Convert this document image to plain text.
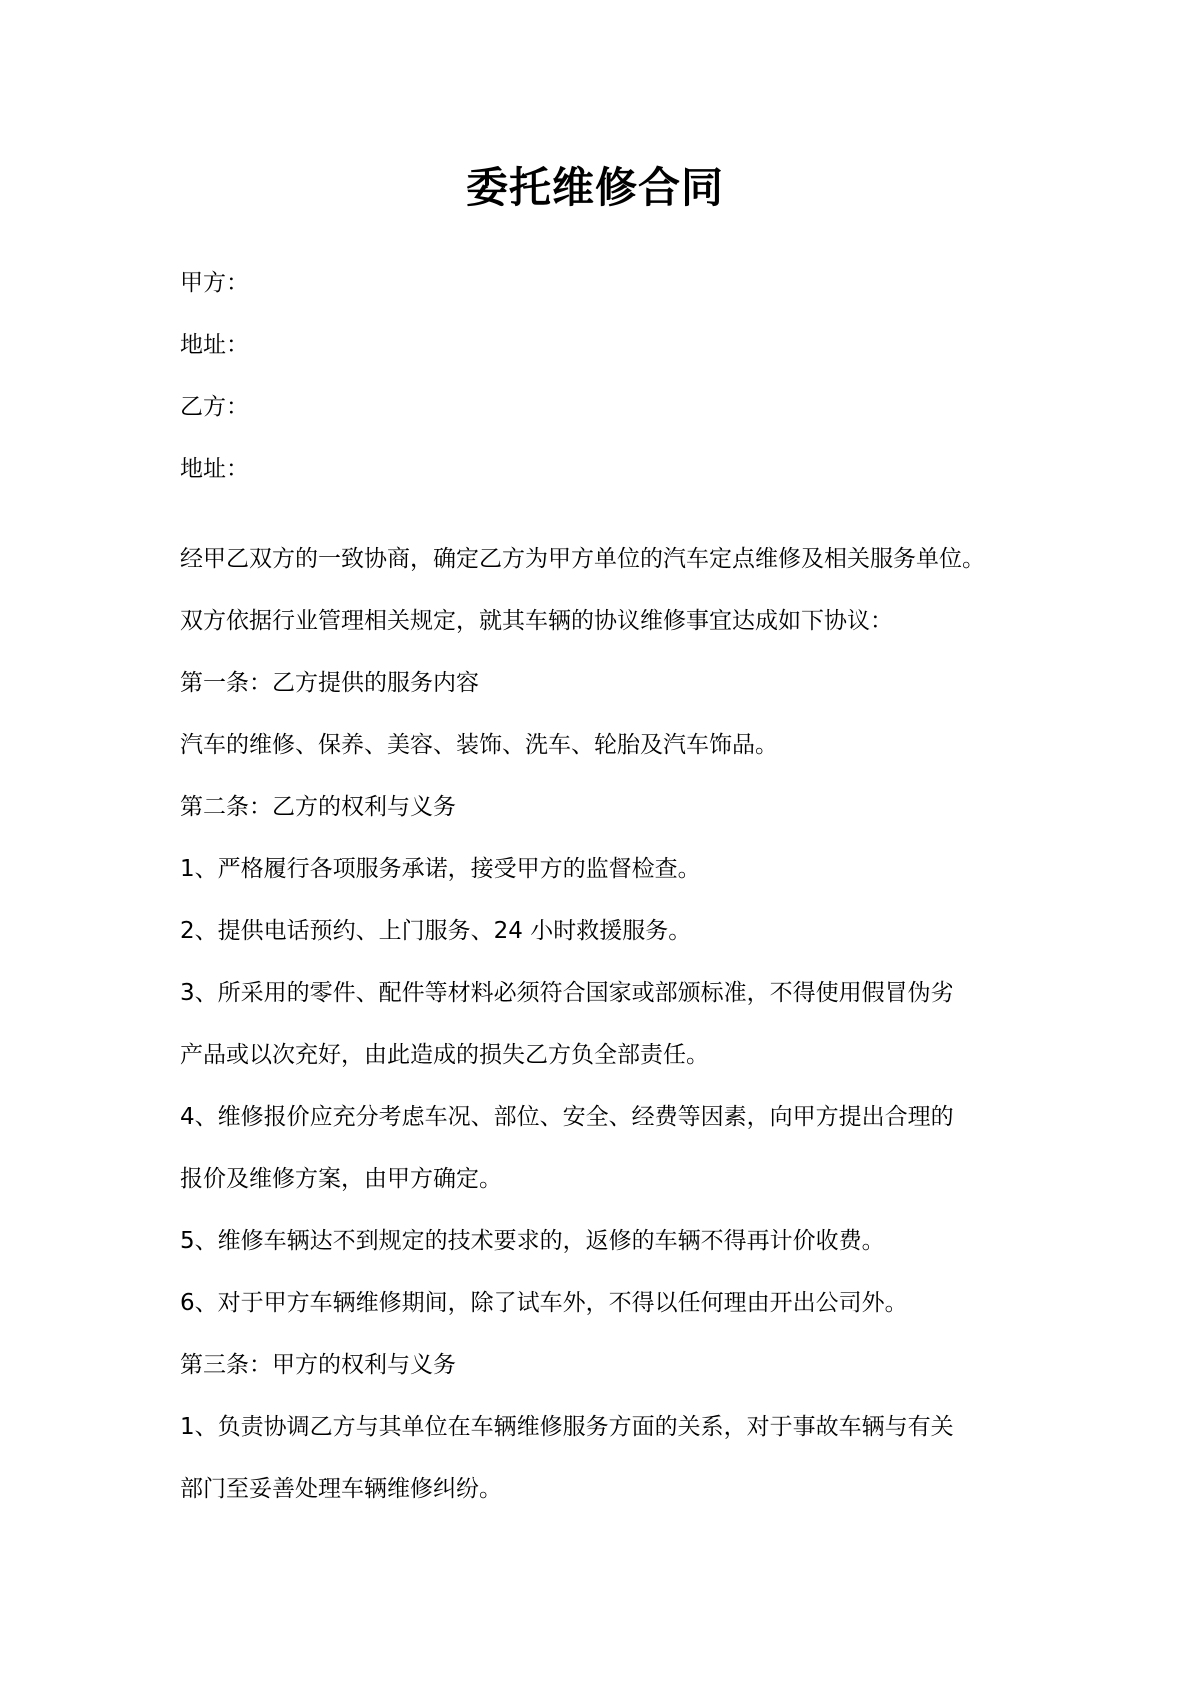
委托维修合同
甲方：
地址：
乙方：
地址：
经甲乙双方的一致协商，确定乙方为甲方单位的汽车定点维修及相关服务单位。
双方依据行业管理相关规定，就其车辆的协议维修事宜达成如下协议：
第一条：乙方提供的服务内容
汽车的维修、保养、美容、装饰、洗车、轮胎及汽车饰品。
第二条：乙方的权利与义务
1、严格履行各项服务承诺，接受甲方的监督检查。
2、提供电话预约、上门服务、24 小时救援服务。
3、所采用的零件、配件等材料必须符合国家或部颁标准，不得使用假冒伪劣
产品或以次充好，由此造成的损失乙方负全部责任。
4、维修报价应充分考虑车况、部位、安全、经费等因素，向甲方提出合理的
报价及维修方案，由甲方确定。
5、维修车辆达不到规定的技术要求的，返修的车辆不得再计价收费。
6、对于甲方车辆维修期间，除了试车外，不得以任何理由开出公司外。
第三条：甲方的权利与义务
1、负责协调乙方与其单位在车辆维修服务方面的关系，对于事故车辆与有关
部门至妥善处理车辆维修纠纷。
